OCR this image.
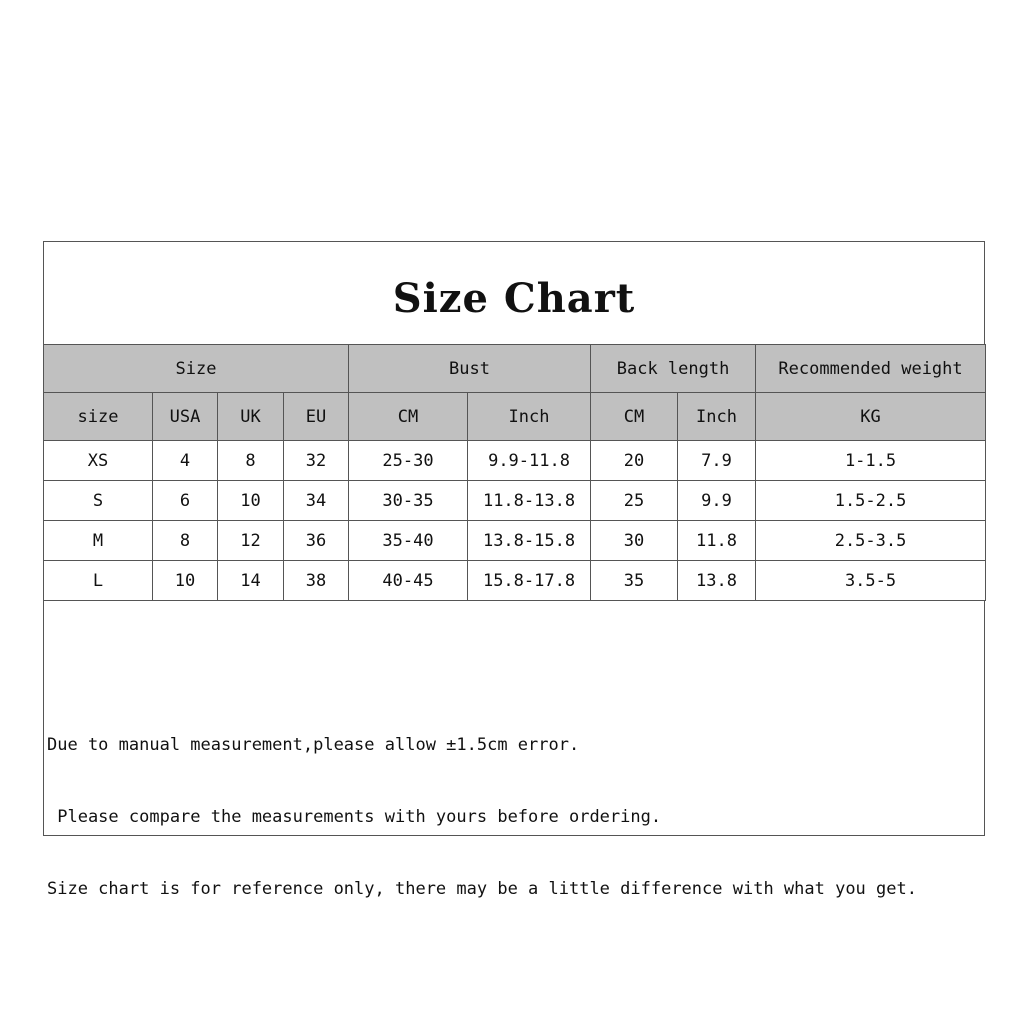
Size Chart
Size				Bust		Back length		Recommended weight
size	USA	UK	EU	CM	Inch	CM	Inch	KG
XS	4	8	32	25-30	9.9-11.8	20	7.9	1-1.5
S	6	10	34	30-35	11.8-13.8	25	9.9	1.5-2.5
M	8	12	36	35-40	13.8-15.8	30	11.8	2.5-3.5
L	10	14	38	40-45	15.8-17.8	35	13.8	3.5-5

Due to manual measurement,please allow ±1.5cm error.

Please compare the measurements with yours before ordering.

Size chart is for reference only, there may be a little difference with what you get.
